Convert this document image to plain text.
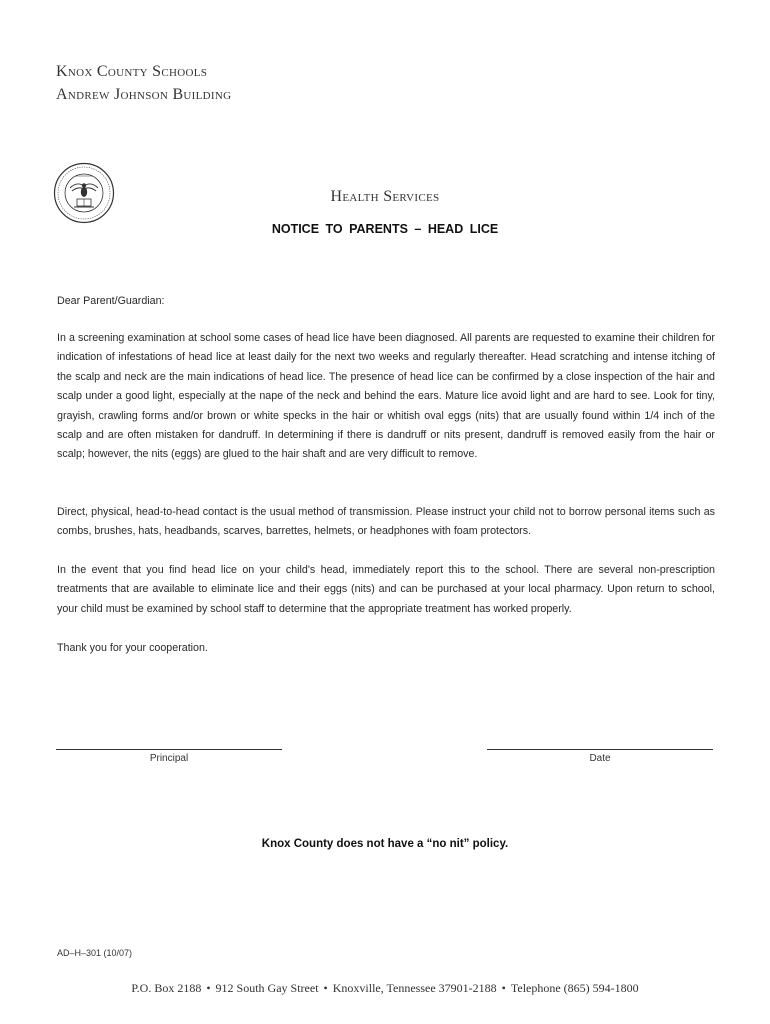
Knox County Schools
Andrew Johnson Building
Health Services
NOTICE TO PARENTS – HEAD LICE
Dear Parent/Guardian:
In a screening examination at school some cases of head lice have been diagnosed. All parents are requested to examine their children for indication of infestations of head lice at least daily for the next two weeks and regularly thereafter. Head scratching and intense itching of the scalp and neck are the main indications of head lice. The presence of head lice can be confirmed by a close inspection of the hair and scalp under a good light, especially at the nape of the neck and behind the ears. Mature lice avoid light and are hard to see. Look for tiny, grayish, crawling forms and/or brown or white specks in the hair or whitish oval eggs (nits) that are usually found within 1/4 inch of the scalp and are often mistaken for dandruff. In determining if there is dandruff or nits present, dandruff is removed easily from the hair or scalp; however, the nits (eggs) are glued to the hair shaft and are very difficult to remove.
Direct, physical, head-to-head contact is the usual method of transmission. Please instruct your child not to borrow personal items such as combs, brushes, hats, headbands, scarves, barrettes, helmets, or headphones with foam protectors.
In the event that you find head lice on your child's head, immediately report this to the school. There are several non-prescription treatments that are available to eliminate lice and their eggs (nits) and can be purchased at your local pharmacy. Upon return to school, your child must be examined by school staff to determine that the appropriate treatment has worked properly.
Thank you for your cooperation.
Principal	Date
Knox County does not have a “no nit” policy.
AD–H–301 (10/07)
P.O. Box 2188 • 912 South Gay Street • Knoxville, Tennessee 37901-2188 • Telephone (865) 594-1800
